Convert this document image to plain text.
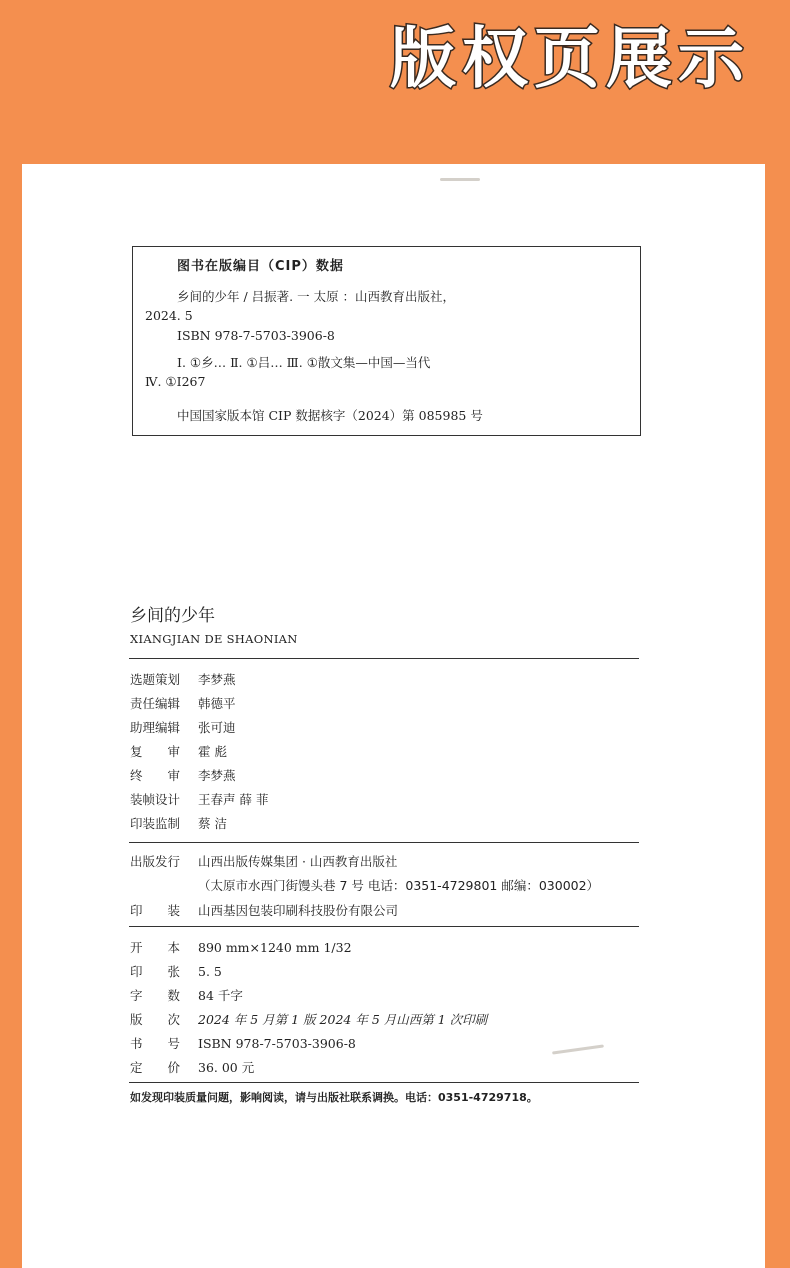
版权页展示
图书在版编目（CIP）数据
乡间的少年 / 吕振著. 一 太原 ：山西教育出版社，
2024. 5
ISBN 978-7-5703-3906-8
Ⅰ. ①乡… Ⅱ. ①吕… Ⅲ. ①散文集—中国—当代
Ⅳ. ①I267
中国国家版本馆 CIP 数据核字（2024）第 085985 号
乡间的少年
XIANGJIAN DE SHAONIAN
选题策划 李梦燕
责任编辑 韩德平
助理编辑 张可迪
复　　审 霍 彪
终　　审 李梦燕
装帧设计 王春声 薛 菲
印装监制 蔡 洁
出版发行 山西出版传媒集团 · 山西教育出版社
（太原市水西门街馒头巷 7 号 电话：0351-4729801 邮编：030002）
印　　装 山西基因包装印刷科技股份有限公司
开　　本 890 mm×1240 mm 1/32
印　　张 5. 5
字　　数 84 千字
版　　次 2024 年 5 月第 1 版 2024 年 5 月山西第 1 次印刷
书　　号 ISBN 978-7-5703-3906-8
定　　价 36. 00 元
如发现印装质量问题，影响阅读，请与出版社联系调换。电话：0351-4729718。
